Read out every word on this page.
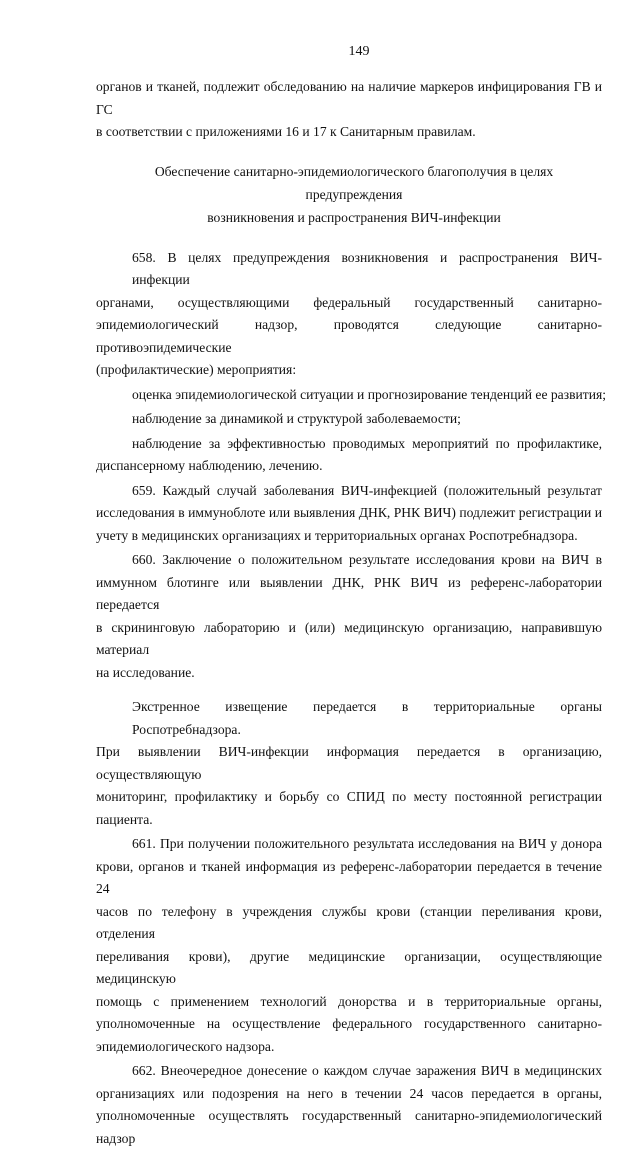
149
органов и тканей, подлежит обследованию на наличие маркеров инфицирования ГВ и ГС
в соответствии с приложениями 16 и 17 к Санитарным правилам.
Обеспечение санитарно-эпидемиологического благополучия в целях предупреждения
возникновения и распространения ВИЧ-инфекции
658. В целях предупреждения возникновения и распространения ВИЧ-инфекции
органами, осуществляющими федеральный государственный санитарно-
эпидемиологический надзор, проводятся следующие санитарно-противоэпидемические
(профилактические) мероприятия:
оценка эпидемиологической ситуации и прогнозирование тенденций ее развития;
наблюдение за динамикой и структурой заболеваемости;
наблюдение за эффективностью проводимых мероприятий по профилактике,
диспансерному наблюдению, лечению.
659. Каждый случай заболевания ВИЧ-инфекцией (положительный результат
исследования в иммуноблоте или выявления ДНК, РНК ВИЧ) подлежит регистрации и
учету в медицинских организациях и территориальных органах Роспотребнадзора.
660. Заключение о положительном результате исследования крови на ВИЧ в
иммунном блотинге или выявлении ДНК, РНК ВИЧ из референс-лаборатории передается
в скрининговую лабораторию и (или) медицинскую организацию, направившую материал
на исследование.
Экстренное извещение передается в территориальные органы Роспотребнадзора.
При выявлении ВИЧ-инфекции информация передается в организацию, осуществляющую
мониторинг, профилактику и борьбу со СПИД по месту постоянной регистрации
пациента.
661. При получении положительного результата исследования на ВИЧ у донора
крови, органов и тканей информация из референс-лаборатории передается в течение 24
часов по телефону в учреждения службы крови (станции переливания крови, отделения
переливания крови), другие медицинские организации, осуществляющие медицинскую
помощь с применением технологий донорства и в территориальные органы,
уполномоченные на осуществление федерального государственного санитарно-
эпидемиологического надзора.
662. Внеочередное донесение о каждом случае заражения ВИЧ в медицинских
организациях или подозрения на него в течении 24 часов передается в органы,
уполномоченные осуществлять государственный санитарно-эпидемиологический надзор
